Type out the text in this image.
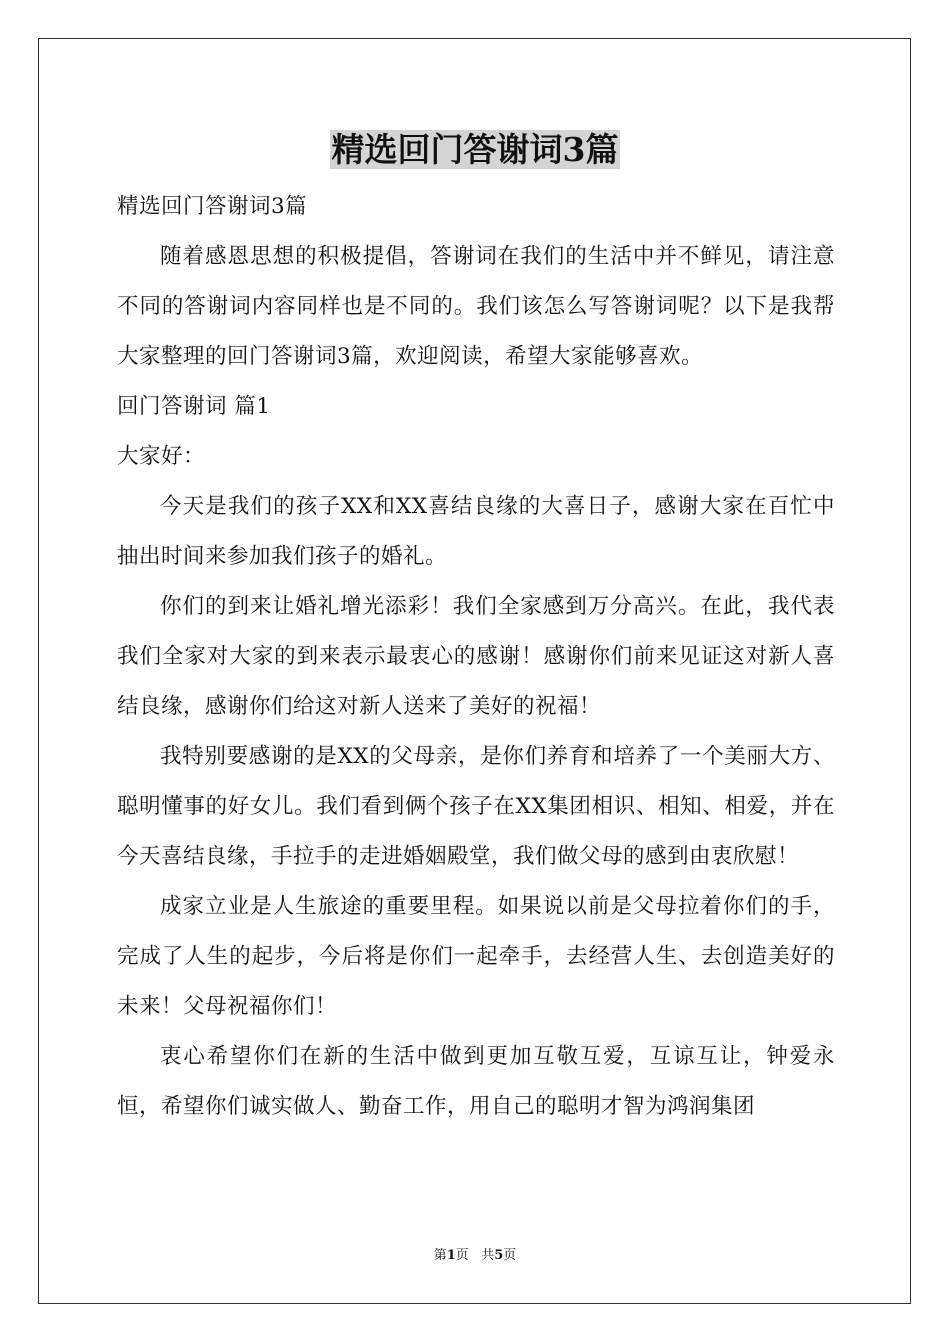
精选回门答谢词3篇

精选回门答谢词3篇

随着感恩思想的积极提倡，答谢词在我们的生活中并不鲜见，请注意不同的答谢词内容同样也是不同的。我们该怎么写答谢词呢？以下是我帮大家整理的回门答谢词3篇，欢迎阅读，希望大家能够喜欢。

回门答谢词 篇1

大家好：

今天是我们的孩子XX和XX喜结良缘的大喜日子，感谢大家在百忙中抽出时间来参加我们孩子的婚礼。

你们的到来让婚礼增光添彩！我们全家感到万分高兴。在此，我代表我们全家对大家的到来表示最衷心的感谢！感谢你们前来见证这对新人喜结良缘，感谢你们给这对新人送来了美好的祝福！

我特别要感谢的是XX的父母亲，是你们养育和培养了一个美丽大方、聪明懂事的好女儿。我们看到俩个孩子在XX集团相识、相知、相爱，并在今天喜结良缘，手拉手的走进婚姻殿堂，我们做父母的感到由衷欣慰！

成家立业是人生旅途的重要里程。如果说以前是父母拉着你们的手，完成了人生的起步，今后将是你们一起牵手，去经营人生、去创造美好的未来！父母祝福你们！

衷心希望你们在新的生活中做到更加互敬互爱，互谅互让，钟爱永恒，希望你们诚实做人、勤奋工作，用自己的聪明才智为鸿润集团

第1页 共5页
